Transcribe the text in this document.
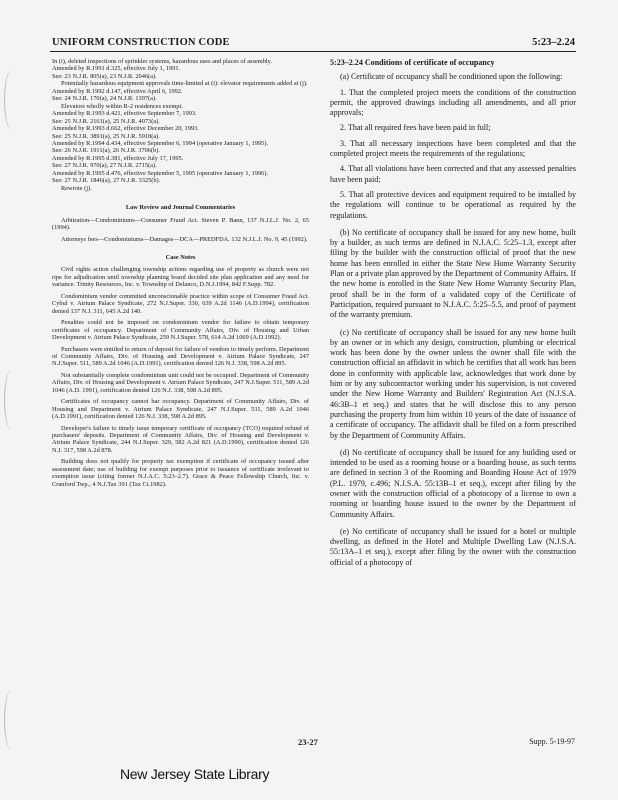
UNIFORM CONSTRUCTION CODE	5:23–2.24

In (i), deleted inspections of sprinkler systems, hazardous uses and places of assembly.

Amended by R.1991 d.325, effective July 1, 1991.

See: 23 N.J.R. 805(a), 23 N.J.R. 2046(a).

Potentially hazardous equipment approvals time-limited at (i): elevator requirements added at (j).

Amended by R.1992 d.147, effective April 6, 1992.

See: 24 N.J.R. 170(a), 24 N.J.R. 1397(a).

Elevators wholly within R-2 residences exempt.

Amended by R.1993 d.421, effective September 7, 1993.

See: 25 N.J.R. 2161(a), 25 N.J.R. 4073(a).

Amended by R.1993 d.662, effective December 20, 1993.

See: 25 N.J.R. 3891(a), 25 N.J.R. 5918(a).

Amended by R.1994 d.434, effective September 6, 1994 (operative January 1, 1995).

See: 26 N.J.R. 1911(a), 26 N.J.R. 3706(b).

Amended by R.1995 d.381, effective July 17, 1995.

See: 27 N.J.R. 970(a), 27 N.J.R. 2715(a).

Amended by R.1995 d.476, effective September 5, 1995 (operative January 1, 1996).

See: 27 N.J.R. 1846(a), 27 N.J.R. 3325(b).

Rewrote (j).

Law Review and Journal Commentaries

Arbitration—Condominiums—Consumer Fraud Act. Steven P. Bann, 137 N.J.L.J. No. 2, 65 (1994).

Attorneys fees—Condominiums—Damages—DCA—PREDFDA. 132 N.J.L.J. No. 9, 45 (1992).

Case Notes

Civil rights action challenging township actions regarding use of property as church were not ripe for adjudication until township planning board decided site plan application and any need for variance. Trinity Resources, Inc. v. Township of Delanco, D.N.J.1994, 842 F.Supp. 782.

Condominium vendor committed unconscionable practice within scope of Consumer Fraud Act. Cybul v. Atrium Palace Syndicate, 272 N.J.Super. 330, 639 A.2d 1146 (A.D.1994), certification denied 137 N.J. 311, 645 A.2d 140.

Penalties could not be imposed on condominium vendor for failure to obtain temporary certificates of occupancy. Department of Community Affairs, Div. of Housing and Urban Development v. Atrium Palace Syndicate, 259 N.J.Super. 578, 614 A.2d 1069 (A.D.1992).

Purchasers were entitled to return of deposit for failure of vendors to timely perform. Department of Community Affairs, Div. of Housing and Development v. Atrium Palace Syndicate, 247 N.J.Super. 511, 589 A.2d 1046 (A.D.1991), certification denied 126 N.J. 338, 598 A.2d 895.

Not substantially complete condominium unit could not be occupied. Department of Community Affairs, Div. of Housing and Development v. Atrium Palace Syndicate, 247 N.J.Super. 511, 589 A.2d 1046 (A.D. 1991), certification denied 126 N.J. 338, 598 A.2d 895.

Certificates of occupancy cannot bar occupancy. Department of Community Affairs, Div. of Housing and Department v. Atrium Palace Syndicate, 247 N.J.Super. 511, 589 A.2d 1046 (A.D.1991), certification denied 126 N.J. 338, 598 A.2d 895.

Developer's failure to timely issue temporary certificate of occupancy (TCO) required refund of purchasers' deposits. Department of Community Affairs, Div. of Housing and Development v. Atrium Palace Syndicate, 244 N.J.Super. 329, 582 A.2d 821 (A.D.1990), certification denied 126 N.J. 317, 598 A.2d 878.

Building does not qualify for property tax exemption if certificate of occupancy issued after assessment date; use of building for exempt purposes prior to issuance of certificate irrelevant to exemption issue (citing former N.J.A.C. 5:23–2.7). Grace & Peace Fellowship Church, Inc. v. Cranford Twp., 4 N.J.Tax 391 (Tax Ct.1982).

5:23–2.24 Conditions of certificate of occupancy

(a) Certificate of occupancy shall be conditioned upon the following:

1. That the completed project meets the conditions of the construction permit, the approved drawings including all amendments, and all prior approvals;

2. That all required fees have been paid in full;

3. That all necessary inspections have been completed and that the completed project meets the requirements of the regulations;

4. That all violations have been corrected and that any assessed penalties have been paid;

5. That all protective devices and equipment required to be installed by the regulations will continue to be operational as required by the regulations.

(b) No certificate of occupancy shall be issued for any new home, built by a builder, as such terms are defined in N.J.A.C. 5:25–1.3, except after filing by the builder with the construction official of proof that the new home has been enrolled in either the State New Home Warranty Security Plan or a private plan approved by the Department of Community Affairs. If the new home is enrolled in the State New Home Warranty Security Plan, proof shall be in the form of a validated copy of the Certificate of Participation, required pursuant to N.J.A.C. 5:25–5.5, and proof of payment of the warranty premium.

(c) No certificate of occupancy shall be issued for any new home built by an owner or in which any design, construction, plumbing or electrical work has been done by the owner unless the owner shall file with the construction official an affidavit in which he certifies that all work has been done in conformity with applicable law, acknowledges that work done by him or by any subcontractor working under his supervision, is not covered under the New Home Warranty and Builders' Registration Act (N.J.S.A. 46:3B–1 et seq.) and states that he will disclose this to any person purchasing the property from him within 10 years of the date of issuance of a certificate of occupancy. The affidavit shall be filed on a form prescribed by the Department of Community Affairs.

(d) No certificate of occupancy shall be issued for any building used or intended to be used as a rooming house or a boarding house, as such terms are defined in section 3 of the Rooming and Boarding House Act of 1979 (P.L. 1979, c.496; N.J.S.A. 55:13B–1 et seq.), except after filing by the owner with the construction official of a photocopy of a license to own a rooming or boarding house issued to the owner by the Department of Community Affairs.

(e) No certificate of occupancy shall be issued for a hotel or multiple dwelling, as defined in the Hotel and Multiple Dwelling Law (N.J.S.A. 55:13A–1 et seq.), except after filing by the owner with the construction official of a photocopy of

23-27	Supp. 5-19-97
New Jersey State Library
